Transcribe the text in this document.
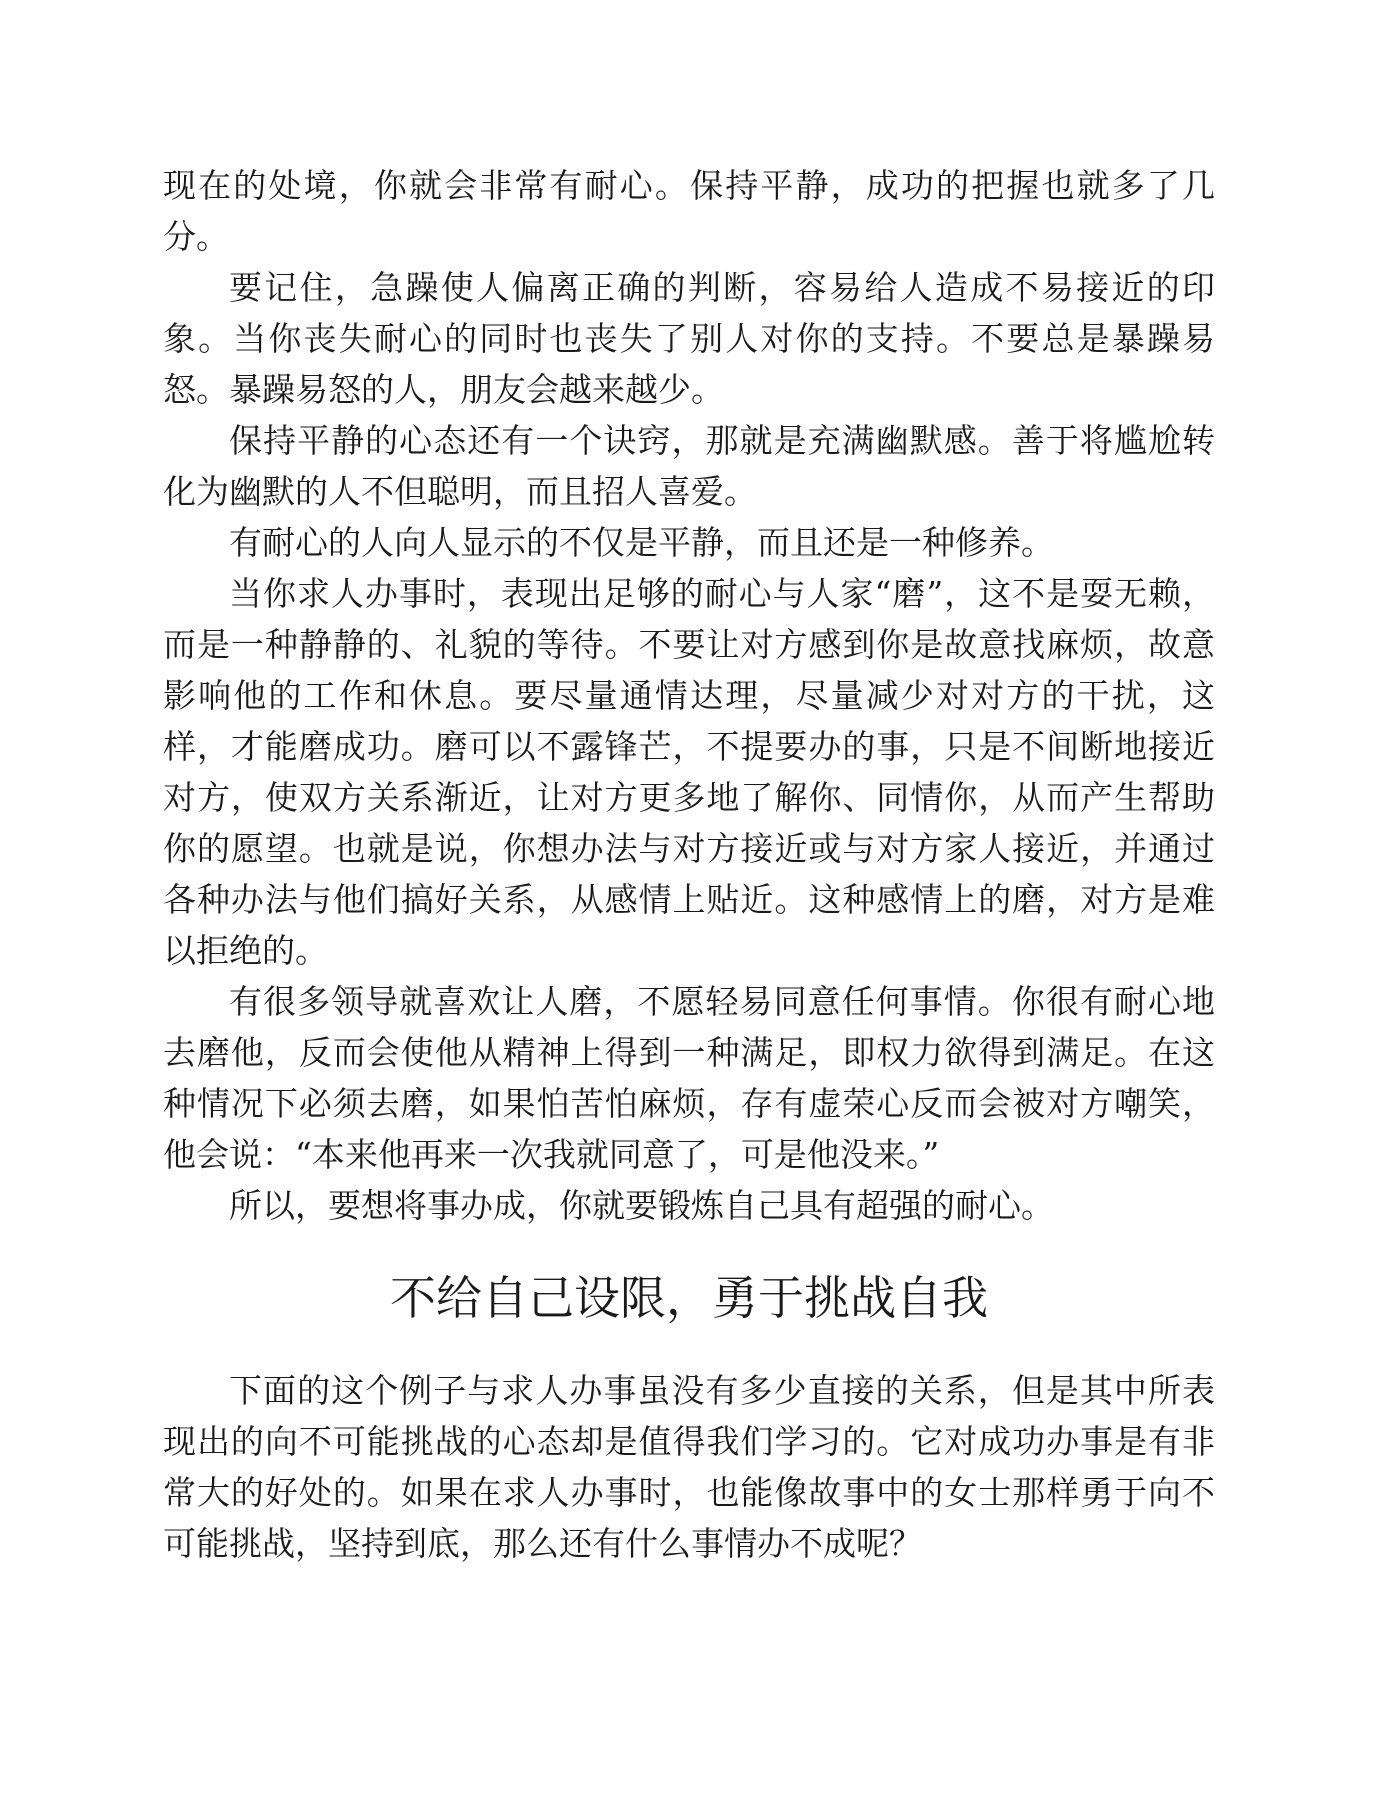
现在的处境，你就会非常有耐心。保持平静，成功的把握也就多了几分。

要记住，急躁使人偏离正确的判断，容易给人造成不易接近的印象。当你丧失耐心的同时也丧失了别人对你的支持。不要总是暴躁易怒。暴躁易怒的人，朋友会越来越少。

保持平静的心态还有一个诀窍，那就是充满幽默感。善于将尴尬转化为幽默的人不但聪明，而且招人喜爱。

有耐心的人向人显示的不仅是平静，而且还是一种修养。

当你求人办事时，表现出足够的耐心与人家“磨”，这不是耍无赖，而是一种静静的、礼貌的等待。不要让对方感到你是故意找麻烦，故意影响他的工作和休息。要尽量通情达理，尽量减少对对方的干扰，这样，才能磨成功。磨可以不露锋芒，不提要办的事，只是不间断地接近对方，使双方关系渐近，让对方更多地了解你、同情你，从而产生帮助你的愿望。也就是说，你想办法与对方接近或与对方家人接近，并通过各种办法与他们搞好关系，从感情上贴近。这种感情上的磨，对方是难以拒绝的。

有很多领导就喜欢让人磨，不愿轻易同意任何事情。你很有耐心地去磨他，反而会使他从精神上得到一种满足，即权力欲得到满足。在这种情况下必须去磨，如果怕苦怕麻烦，存有虚荣心反而会被对方嘲笑，他会说：“本来他再来一次我就同意了，可是他没来。”

所以，要想将事办成，你就要锻炼自己具有超强的耐心。

不给自己设限，勇于挑战自我

下面的这个例子与求人办事虽没有多少直接的关系，但是其中所表现出的向不可能挑战的心态却是值得我们学习的。它对成功办事是有非常大的好处的。如果在求人办事时，也能像故事中的女士那样勇于向不可能挑战，坚持到底，那么还有什么事情办不成呢？
